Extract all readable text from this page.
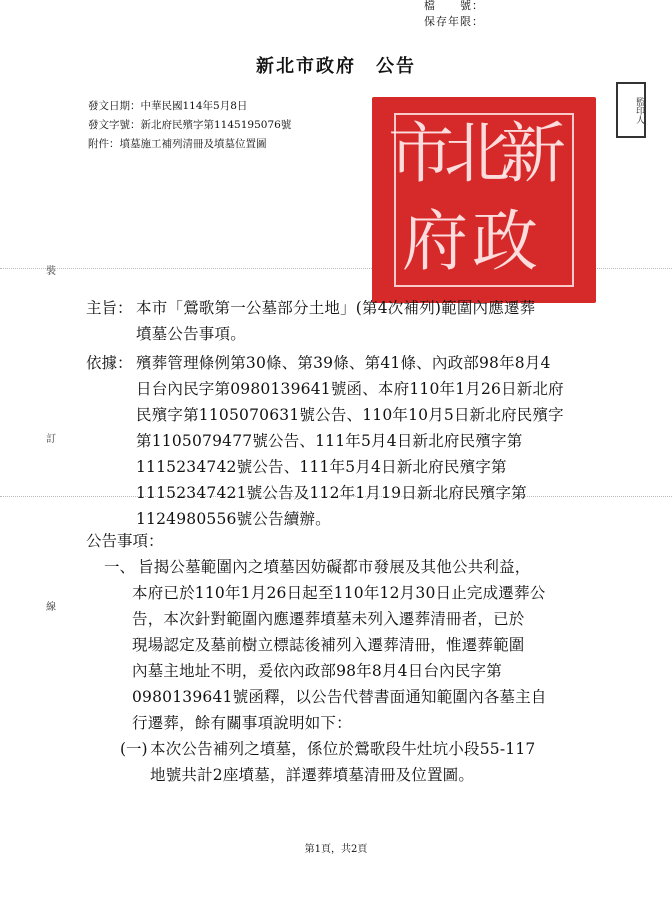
檔　　號：
保存年限：
新北市政府　公告
發文日期：中華民國114年5月8日
發文字號：新北府民殯字第1145195076號
附件：墳墓施工補列清冊及墳墓位置圖
裝
訂
線
新
北
市
政
府
監印人
主旨： 本市「鶯歌第一公墓部分土地」(第4次補列)範圍內應遷葬
墳墓公告事項。
依據： 殯葬管理條例第30條、第39條、第41條、內政部98年8月4
日台內民字第0980139641號函、本府110年1月26日新北府
民殯字第1105070631號公告、110年10月5日新北府民殯字
第1105079477號公告、111年5月4日新北府民殯字第
1115234742號公告、111年5月4日新北府民殯字第
11152347421號公告及112年1月19日新北府民殯字第
1124980556號公告續辦。
公告事項：
一、 旨揭公墓範圍內之墳墓因妨礙都市發展及其他公共利益，
本府已於110年1月26日起至110年12月30日止完成遷葬公
告，本次針對範圍內應遷葬墳墓未列入遷葬清冊者，已於
現場認定及墓前樹立標誌後補列入遷葬清冊，惟遷葬範圍
內墓主地址不明，爰依內政部98年8月4日台內民字第
0980139641號函釋，以公告代替書面通知範圍內各墓主自
行遷葬，餘有關事項說明如下：
(一) 本次公告補列之墳墓，係位於鶯歌段牛灶坑小段55-117
地號共計2座墳墓，詳遷葬墳墓清冊及位置圖。
第1頁，共2頁
